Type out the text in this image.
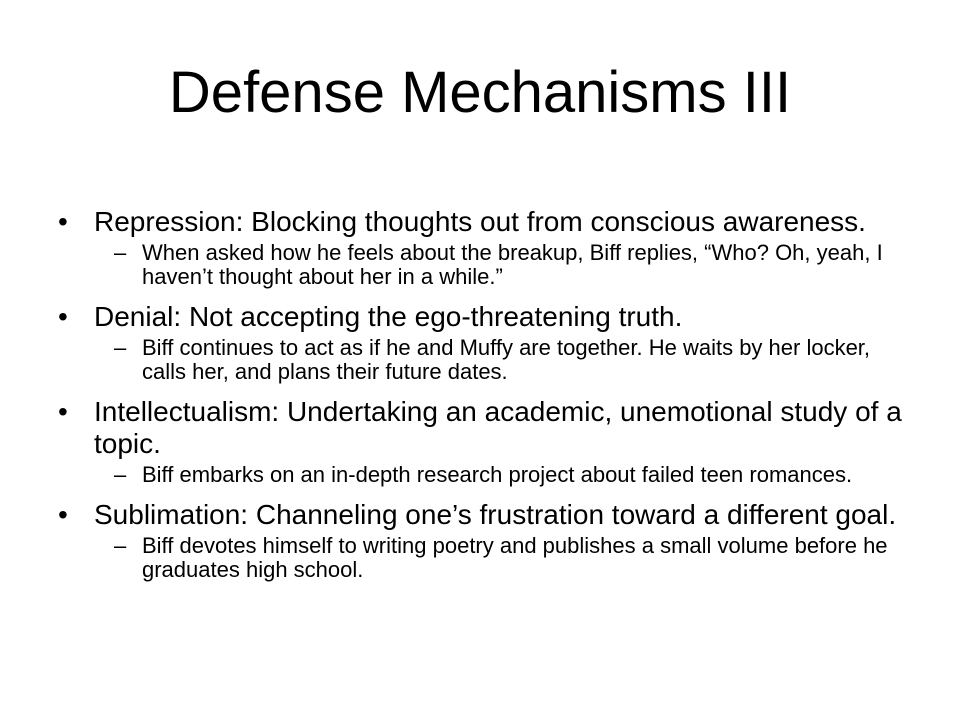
Defense Mechanisms III
• Repression: Blocking thoughts out from conscious awareness.
– When asked how he feels about the breakup, Biff replies, “Who? Oh, yeah, I haven’t thought about her in a while.”
• Denial: Not accepting the ego-threatening truth.
– Biff continues to act as if he and Muffy are together. He waits by her locker, calls her, and plans their future dates.
• Intellectualism: Undertaking an academic, unemotional study of a topic.
– Biff embarks on an in-depth research project about failed teen romances.
• Sublimation: Channeling one’s frustration toward a different goal.
– Biff devotes himself to writing poetry and publishes a small volume before he graduates high school.
